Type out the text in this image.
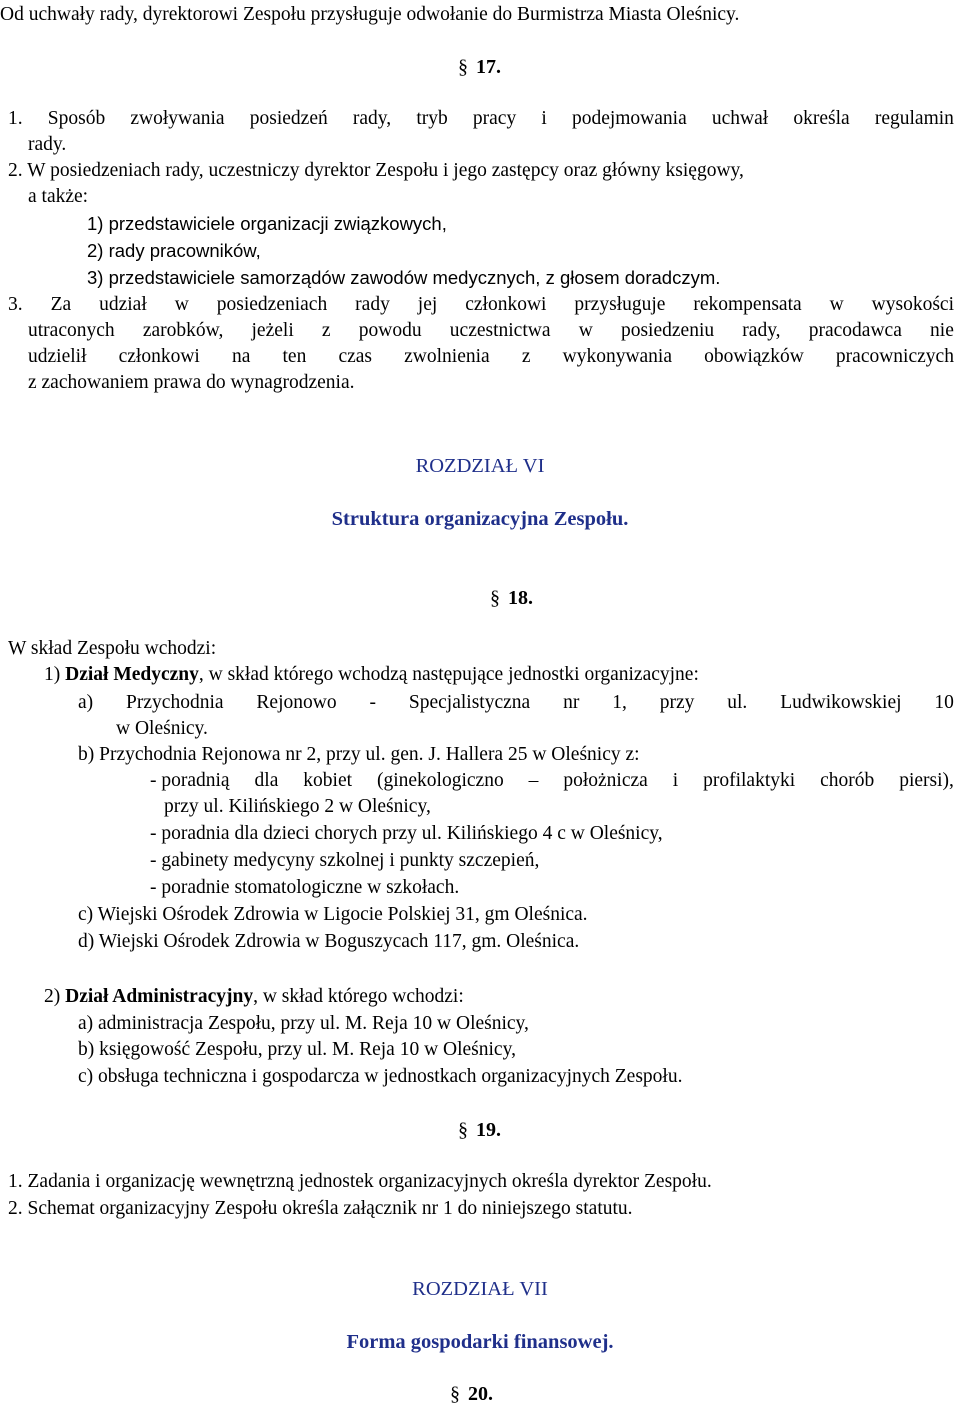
Od uchwały rady, dyrektorowi Zespołu przysługuje odwołanie do Burmistrza Miasta Oleśnicy.
§ 17.
1. Sposób zwoływania posiedzeń rady, tryb pracy i podejmowania uchwał określa regulamin
rady.
2. W posiedzeniach rady, uczestniczy dyrektor Zespołu i jego zastępcy oraz główny księgowy,
a także:
1) przedstawiciele organizacji związkowych,
2) rady pracowników,
3) przedstawiciele samorządów zawodów medycznych, z głosem doradczym.
3. Za udział w posiedzeniach rady jej członkowi przysługuje rekompensata w wysokości
utraconych zarobków, jeżeli z powodu uczestnictwa w posiedzeniu rady, pracodawca nie
udzielił członkowi na ten czas zwolnienia z wykonywania obowiązków pracowniczych
z zachowaniem prawa do wynagrodzenia.
ROZDZIAŁ VI
Struktura organizacyjna Zespołu.
§ 18.
W skład Zespołu wchodzi:
1) Dział Medyczny, w skład którego wchodzą następujące jednostki organizacyjne:
a) Przychodnia Rejonowo - Specjalistyczna nr 1, przy ul. Ludwikowskiej 10
w Oleśnicy.
b) Przychodnia Rejonowa nr 2, przy ul. gen. J. Hallera 25 w Oleśnicy z:
- poradnią dla kobiet (ginekologiczno – położnicza i profilaktyki chorób piersi),
przy ul. Kilińskiego 2 w Oleśnicy,
- poradnia dla dzieci chorych przy ul. Kilińskiego 4 c w Oleśnicy,
- gabinety medycyny szkolnej i punkty szczepień,
- poradnie stomatologiczne w szkołach.
c) Wiejski Ośrodek Zdrowia w Ligocie Polskiej 31, gm Oleśnica.
d) Wiejski Ośrodek Zdrowia w Boguszycach 117, gm. Oleśnica.
2) Dział Administracyjny, w skład którego wchodzi:
a) administracja Zespołu, przy ul. M. Reja 10 w Oleśnicy,
b) księgowość Zespołu, przy ul. M. Reja 10 w Oleśnicy,
c) obsługa techniczna i gospodarcza w jednostkach organizacyjnych Zespołu.
§ 19.
1. Zadania i organizację wewnętrzną jednostek organizacyjnych określa dyrektor Zespołu.
2. Schemat organizacyjny Zespołu określa załącznik nr 1 do niniejszego statutu.
ROZDZIAŁ VII
Forma gospodarki finansowej.
§ 20.
